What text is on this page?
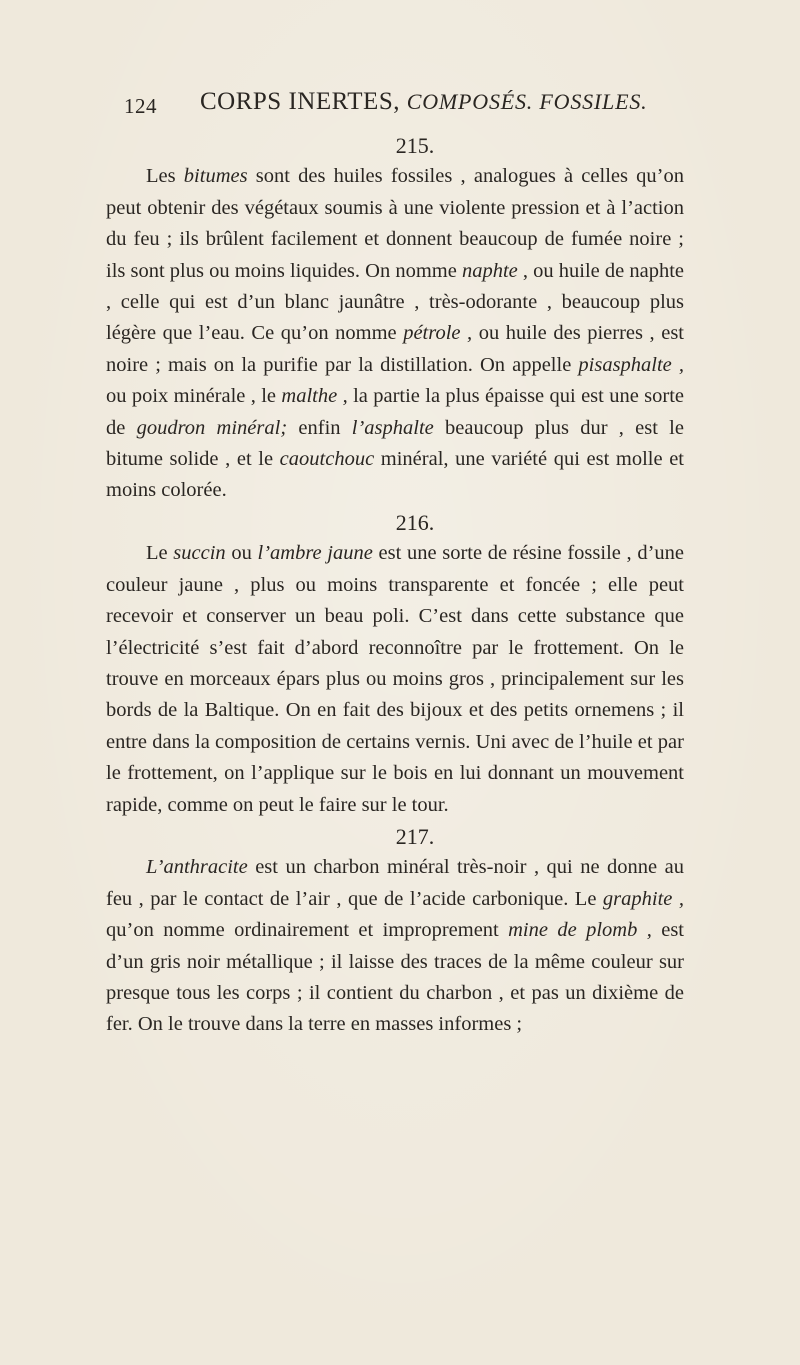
124 CORPS INERTES, COMPOSÉS. FOSSILES.
215.

Les bitumes sont des huiles fossiles , analogues à celles qu’on peut obtenir des végétaux soumis à une violente pression et à l’action du feu ; ils brûlent facilement et donnent beaucoup de fumée noire ; ils sont plus ou moins liquides. On nomme naphte , ou huile de naphte , celle qui est d’un blanc jaunâtre , très-odorante , beaucoup plus légère que l’eau. Ce qu’on nomme pétrole , ou huile des pierres , est noire ; mais on la purifie par la distillation. On appelle pisasphalte , ou poix minérale , le malthe , la partie la plus épaisse qui est une sorte de goudron minéral; enfin l’asphalte beaucoup plus dur , est le bitume solide , et le caoutchouc minéral, une variété qui est molle et moins colorée.

216.

Le succin ou l’ambre jaune est une sorte de résine fossile , d’une couleur jaune , plus ou moins transparente et foncée ; elle peut recevoir et conserver un beau poli. C’est dans cette substance que l’électricité s’est fait d’abord reconnoître par le frottement. On le trouve en morceaux épars plus ou moins gros , principalement sur les bords de la Baltique. On en fait des bijoux et des petits ornemens ; il entre dans la composition de certains vernis. Uni avec de l’huile et par le frottement, on l’applique sur le bois en lui donnant un mouvement rapide, comme on peut le faire sur le tour.

217.

L’anthracite est un charbon minéral très-noir , qui ne donne au feu , par le contact de l’air , que de l’acide carbonique. Le graphite , qu’on nomme ordinairement et improprement mine de plomb , est d’un gris noir métallique ; il laisse des traces de la même couleur sur presque tous les corps ; il contient du charbon , et pas un dixième de fer. On le trouve dans la terre en masses informes ;
